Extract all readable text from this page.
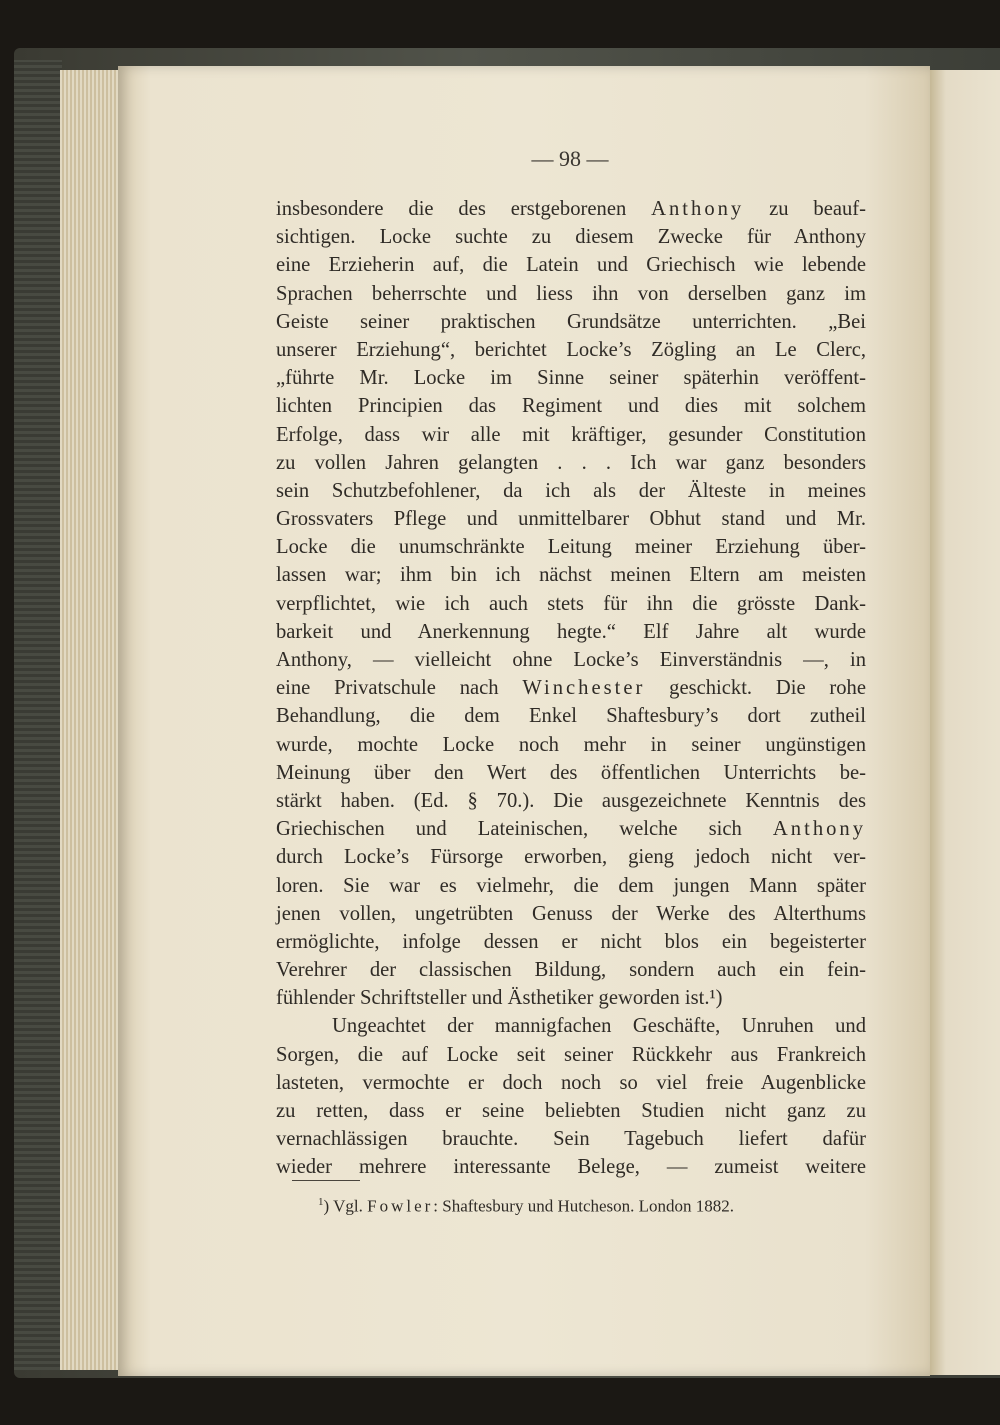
— 98 —
insbesondere die des erstgeborenen Anthony zu beauf-
sichtigen. Locke suchte zu diesem Zwecke für Anthony
eine Erzieherin auf, die Latein und Griechisch wie lebende
Sprachen beherrschte und liess ihn von derselben ganz im
Geiste seiner praktischen Grundsätze unterrichten. „Bei
unserer Erziehung“, berichtet Locke’s Zögling an Le Clerc,
„führte Mr. Locke im Sinne seiner späterhin veröffent-
lichten Principien das Regiment und dies mit solchem
Erfolge, dass wir alle mit kräftiger, gesunder Constitution
zu vollen Jahren gelangten . . . Ich war ganz besonders
sein Schutzbefohlener, da ich als der Älteste in meines
Grossvaters Pflege und unmittelbarer Obhut stand und Mr.
Locke die unumschränkte Leitung meiner Erziehung über-
lassen war; ihm bin ich nächst meinen Eltern am meisten
verpflichtet, wie ich auch stets für ihn die grösste Dank-
barkeit und Anerkennung hegte.“ Elf Jahre alt wurde
Anthony, — vielleicht ohne Locke’s Einverständnis —, in
eine Privatschule nach Winchester geschickt. Die rohe
Behandlung, die dem Enkel Shaftesbury’s dort zutheil
wurde, mochte Locke noch mehr in seiner ungünstigen
Meinung über den Wert des öffentlichen Unterrichts be-
stärkt haben. (Ed. § 70.). Die ausgezeichnete Kenntnis des
Griechischen und Lateinischen, welche sich Anthony
durch Locke’s Fürsorge erworben, gieng jedoch nicht ver-
loren. Sie war es vielmehr, die dem jungen Mann später
jenen vollen, ungetrübten Genuss der Werke des Alterthums
ermöglichte, infolge dessen er nicht blos ein begeisterter
Verehrer der classischen Bildung, sondern auch ein fein-
fühlender Schriftsteller und Ästhetiker geworden ist.¹)
Ungeachtet der mannigfachen Geschäfte, Unruhen und
Sorgen, die auf Locke seit seiner Rückkehr aus Frankreich
lasteten, vermochte er doch noch so viel freie Augenblicke
zu retten, dass er seine beliebten Studien nicht ganz zu
vernachlässigen brauchte. Sein Tagebuch liefert dafür
wieder mehrere interessante Belege, — zumeist weitere
$^1$) Vgl. Fowler: Shaftesbury und Hutcheson. London 1882.
